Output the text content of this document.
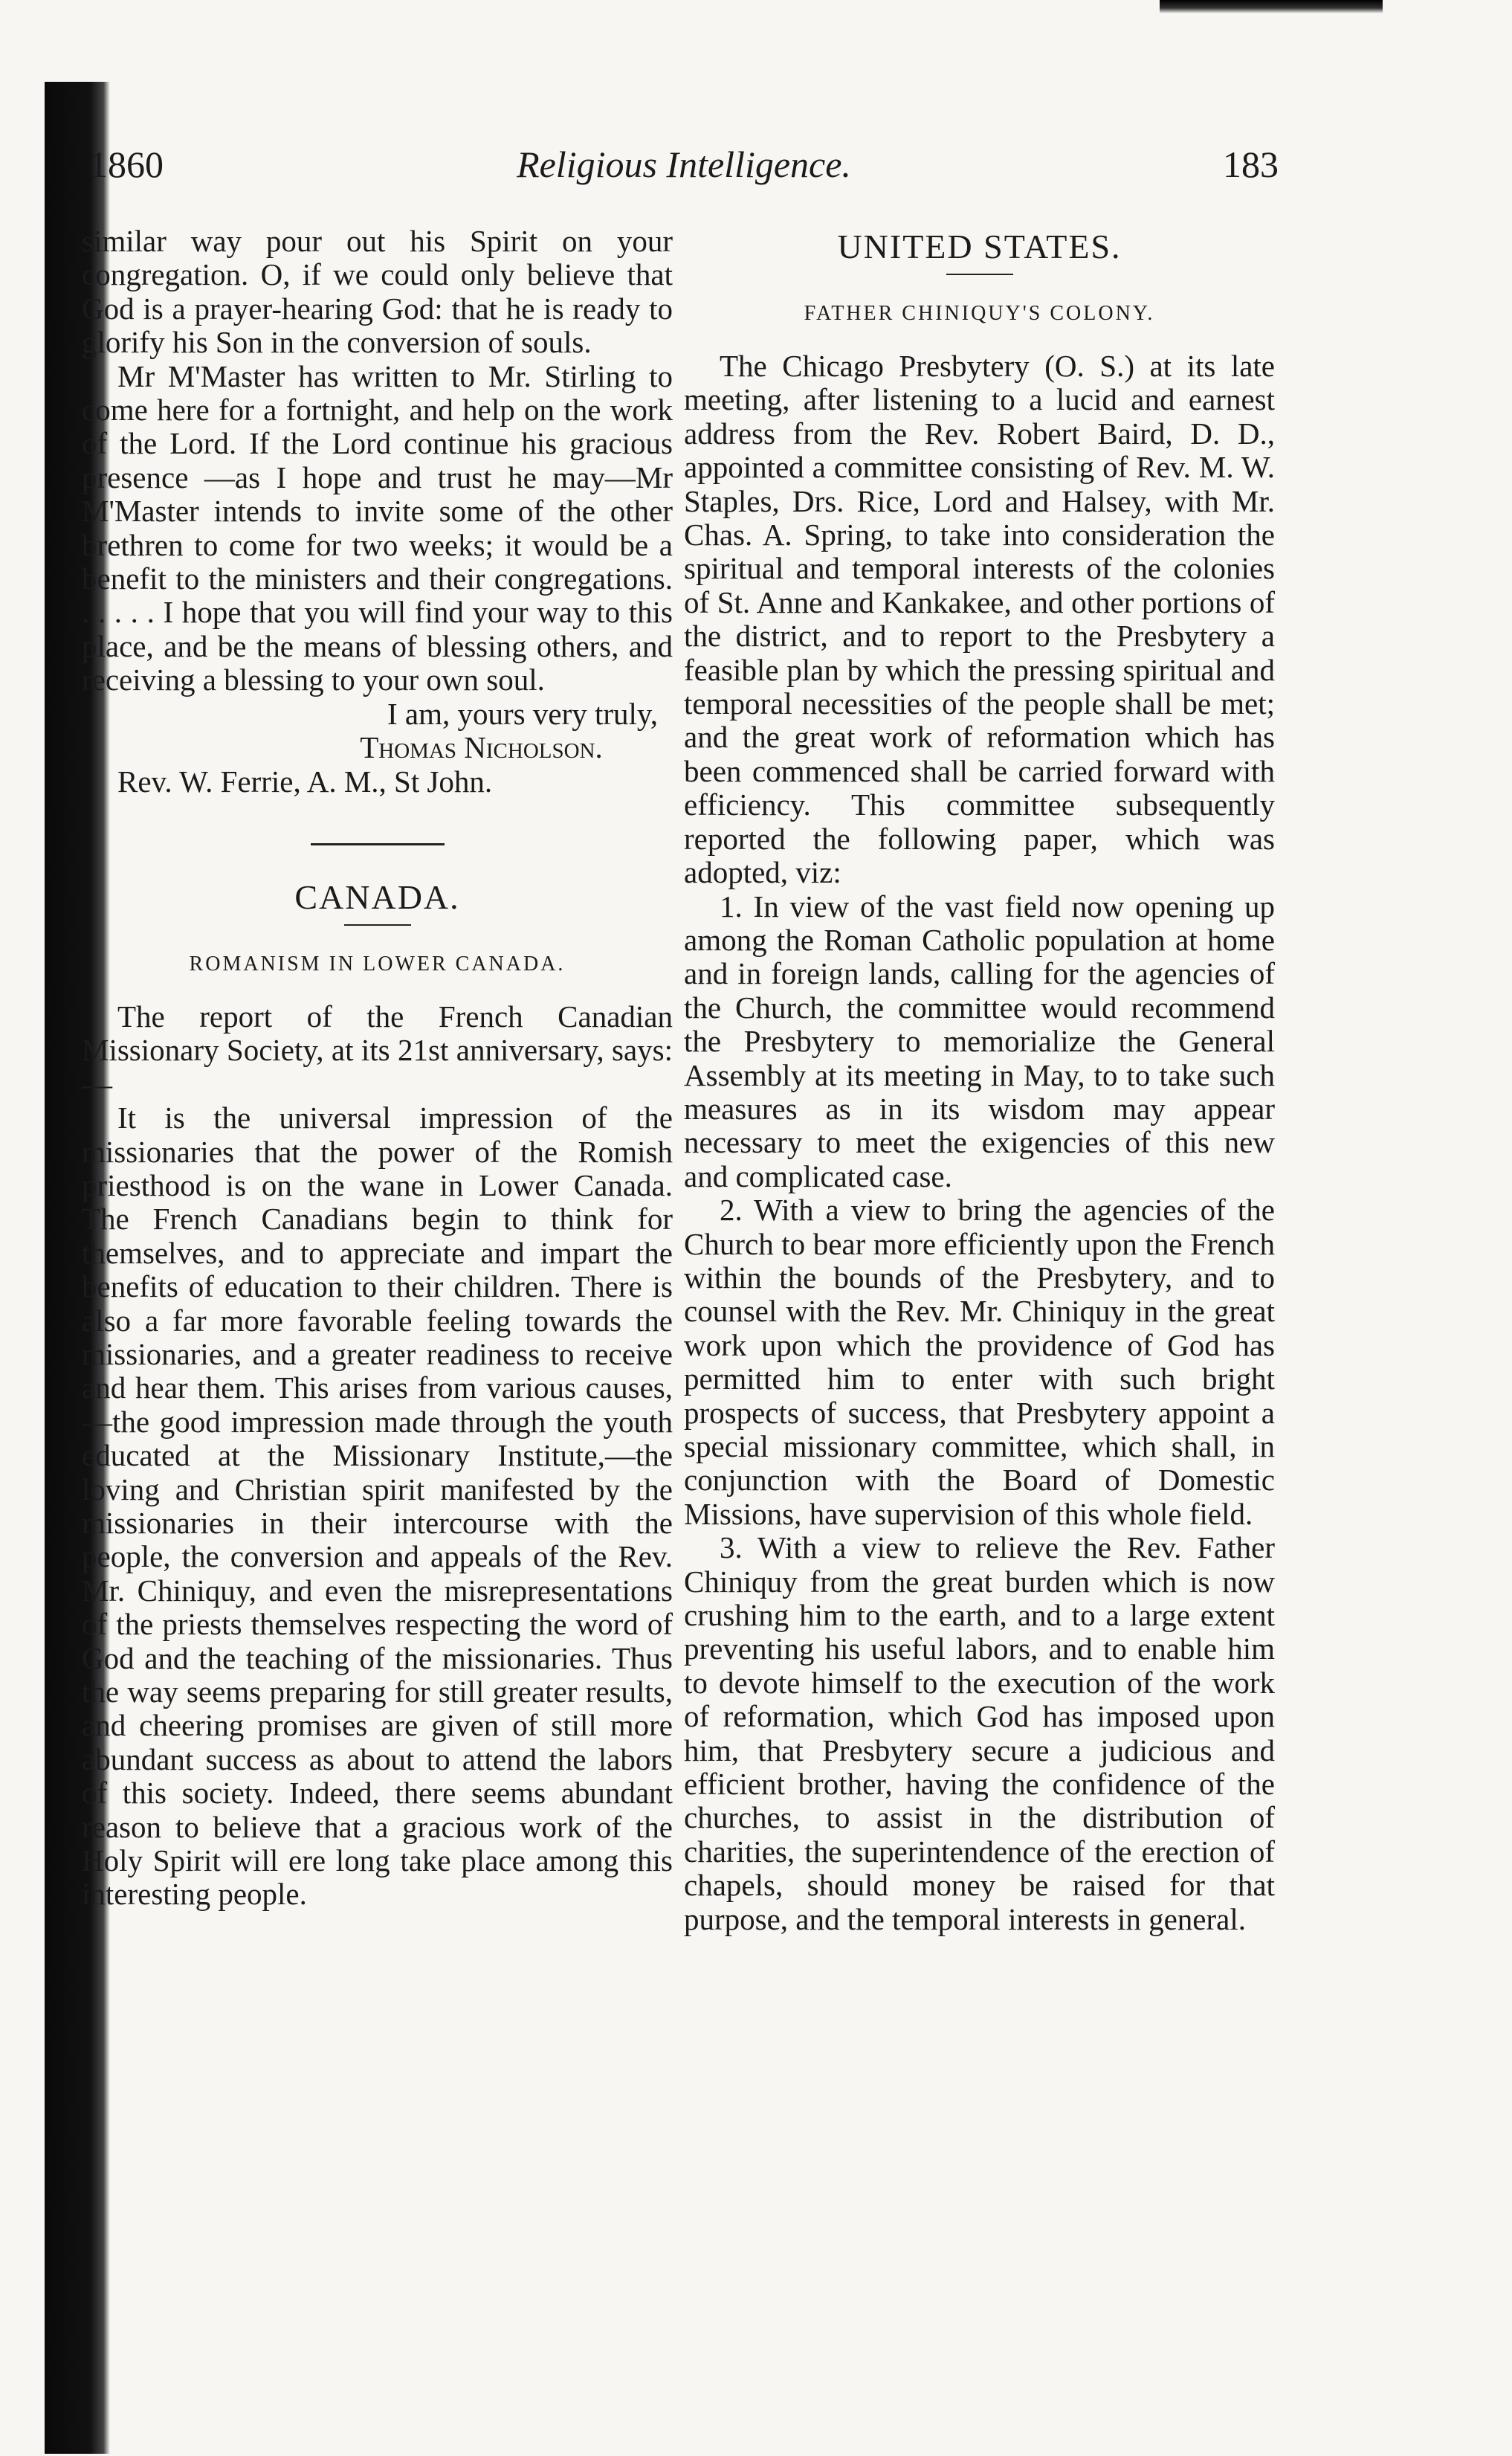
1860	Religious Intelligence.	183

similar way pour out his Spirit on your congregation. O, if we could only believe that God is a prayer-hearing God: that he is ready to glorify his Son in the conversion of souls.

Mr M'Master has written to Mr. Stirling to come here for a fortnight, and help on the work of the Lord. If the Lord continue his gracious presence —as I hope and trust he may—Mr M'Master intends to invite some of the other brethren to come for two weeks; it would be a benefit to the ministers and their congregations. . . . . . I hope that you will find your way to this place, and be the means of blessing others, and receiving a blessing to your own soul.

I am, yours very truly,

Thomas Nicholson.

Rev. W. Ferrie, A. M., St John.

CANADA.
ROMANISM IN LOWER CANADA.

The report of the French Canadian Missionary Society, at its 21st anniversary, says:—

It is the universal impression of the missionaries that the power of the Romish priesthood is on the wane in Lower Canada. The French Canadians begin to think for themselves, and to appreciate and impart the benefits of education to their children. There is also a far more favorable feeling towards the missionaries, and a greater readiness to receive and hear them. This arises from various causes,—the good impression made through the youth educated at the Missionary Institute,—the loving and Christian spirit manifested by the missionaries in their intercourse with the people, the conversion and appeals of the Rev. Mr. Chiniquy, and even the misrepresentations of the priests themselves respecting the word of God and the teaching of the missionaries. Thus the way seems preparing for still greater results, and cheering promises are given of still more abundant success as about to attend the labors of this society. Indeed, there seems abundant reason to believe that a gracious work of the Holy Spirit will ere long take place among this interesting people.

UNITED STATES.
FATHER CHINIQUY'S COLONY.

The Chicago Presbytery (O. S.) at its late meeting, after listening to a lucid and earnest address from the Rev. Robert Baird, D. D., appointed a committee consisting of Rev. M. W. Staples, Drs. Rice, Lord and Halsey, with Mr. Chas. A. Spring, to take into consideration the spiritual and temporal interests of the colonies of St. Anne and Kankakee, and other portions of the district, and to report to the Presbytery a feasible plan by which the pressing spiritual and temporal necessities of the people shall be met; and the great work of reformation which has been commenced shall be carried forward with efficiency. This committee subsequently reported the following paper, which was adopted, viz:

1. In view of the vast field now opening up among the Roman Catholic population at home and in foreign lands, calling for the agencies of the Church, the committee would recommend the Presbytery to memorialize the General Assembly at its meeting in May, to to take such measures as in its wisdom may appear necessary to meet the exigencies of this new and complicated case.

2. With a view to bring the agencies of the Church to bear more efficiently upon the French within the bounds of the Presbytery, and to counsel with the Rev. Mr. Chiniquy in the great work upon which the providence of God has permitted him to enter with such bright prospects of success, that Presbytery appoint a special missionary committee, which shall, in conjunction with the Board of Domestic Missions, have supervision of this whole field.

3. With a view to relieve the Rev. Father Chiniquy from the great burden which is now crushing him to the earth, and to a large extent preventing his useful labors, and to enable him to devote himself to the execution of the work of reformation, which God has imposed upon him, that Presbytery secure a judicious and efficient brother, having the confidence of the churches, to assist in the distribution of charities, the superintendence of the erection of chapels, should money be raised for that purpose, and the temporal interests in general.
